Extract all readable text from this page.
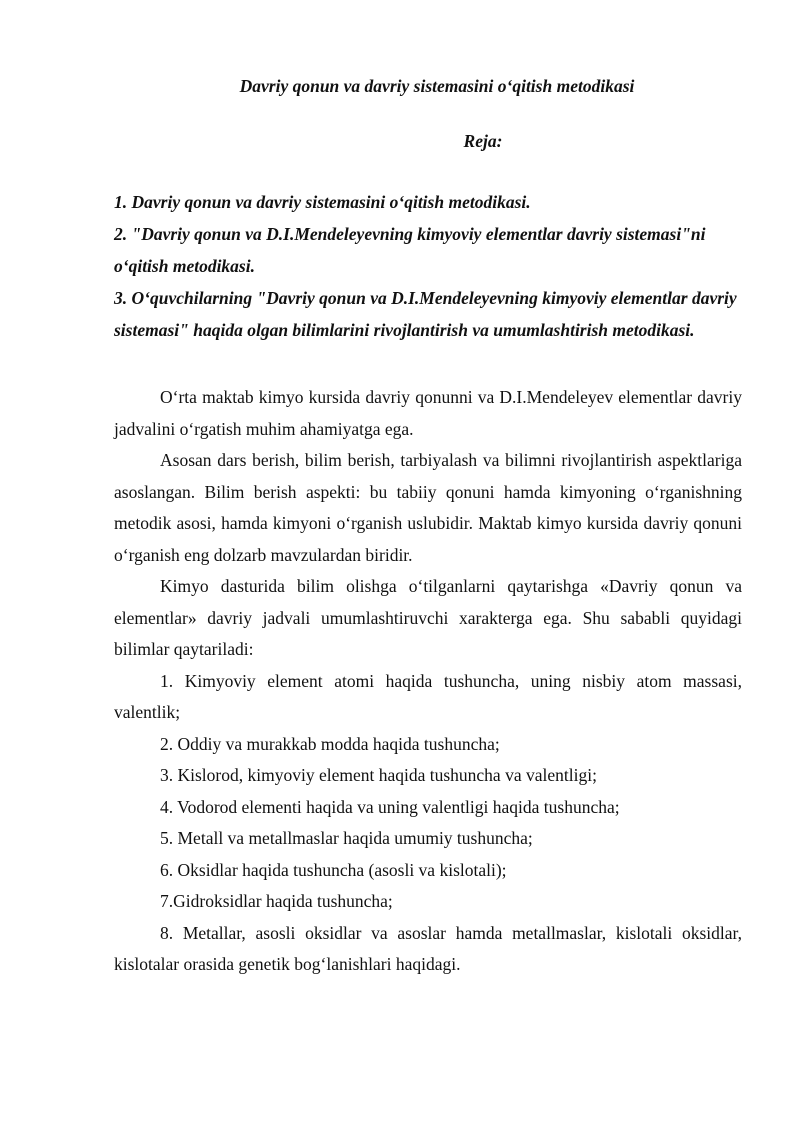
Davriy qonun va davriy sistemasini o‘qitish metodikasi
Reja:
1. Davriy qonun va davriy sistemasini o‘qitish metodikasi.
2. "Davriy qonun va D.I.Mendeleyevning kimyoviy elementlar davriy sistemasi"ni o‘qitish metodikasi.
3. O‘quvchilarning "Davriy qonun va D.I.Mendeleyevning kimyoviy elementlar davriy sistemasi" haqida olgan bilimlarini rivojlantirish va umumlashtirish metodikasi.

O‘rta maktab kimyo kursida davriy qonunni va D.I.Mendeleyev elementlar davriy jadvalini o‘rgatish muhim ahamiyatga ega.

Asosan dars berish, bilim berish, tarbiyalash va bilimni rivojlantirish aspektlariga asoslangan. Bilim berish aspekti: bu tabiiy qonuni hamda kimyoning o‘rganishning metodik asosi, hamda kimyoni o‘rganish uslubidir. Maktab kimyo kursida davriy qonuni o‘rganish eng dolzarb mavzulardan biridir.

Kimyo dasturida bilim olishga o‘tilganlarni qaytarishga «Davriy qonun va elementlar» davriy jadvali umumlashtiruvchi xarakterga ega. Shu sababli quyidagi bilimlar qaytariladi:

1. Kimyoviy element atomi haqida tushuncha, uning nisbiy atom massasi, valentlik;

2. Oddiy va murakkab modda haqida tushuncha;

3. Kislorod, kimyoviy element haqida tushuncha va valentligi;

4. Vodorod elementi haqida va uning valentligi haqida tushuncha;

5. Metall va metallmaslar haqida umumiy tushuncha;

6. Oksidlar haqida tushuncha (asosli va kislotali);

7.Gidroksidlar haqida tushuncha;

8. Metallar, asosli oksidlar va asoslar hamda metallmaslar, kislotali oksidlar, kislotalar orasida genetik bog‘lanishlari haqidagi.
